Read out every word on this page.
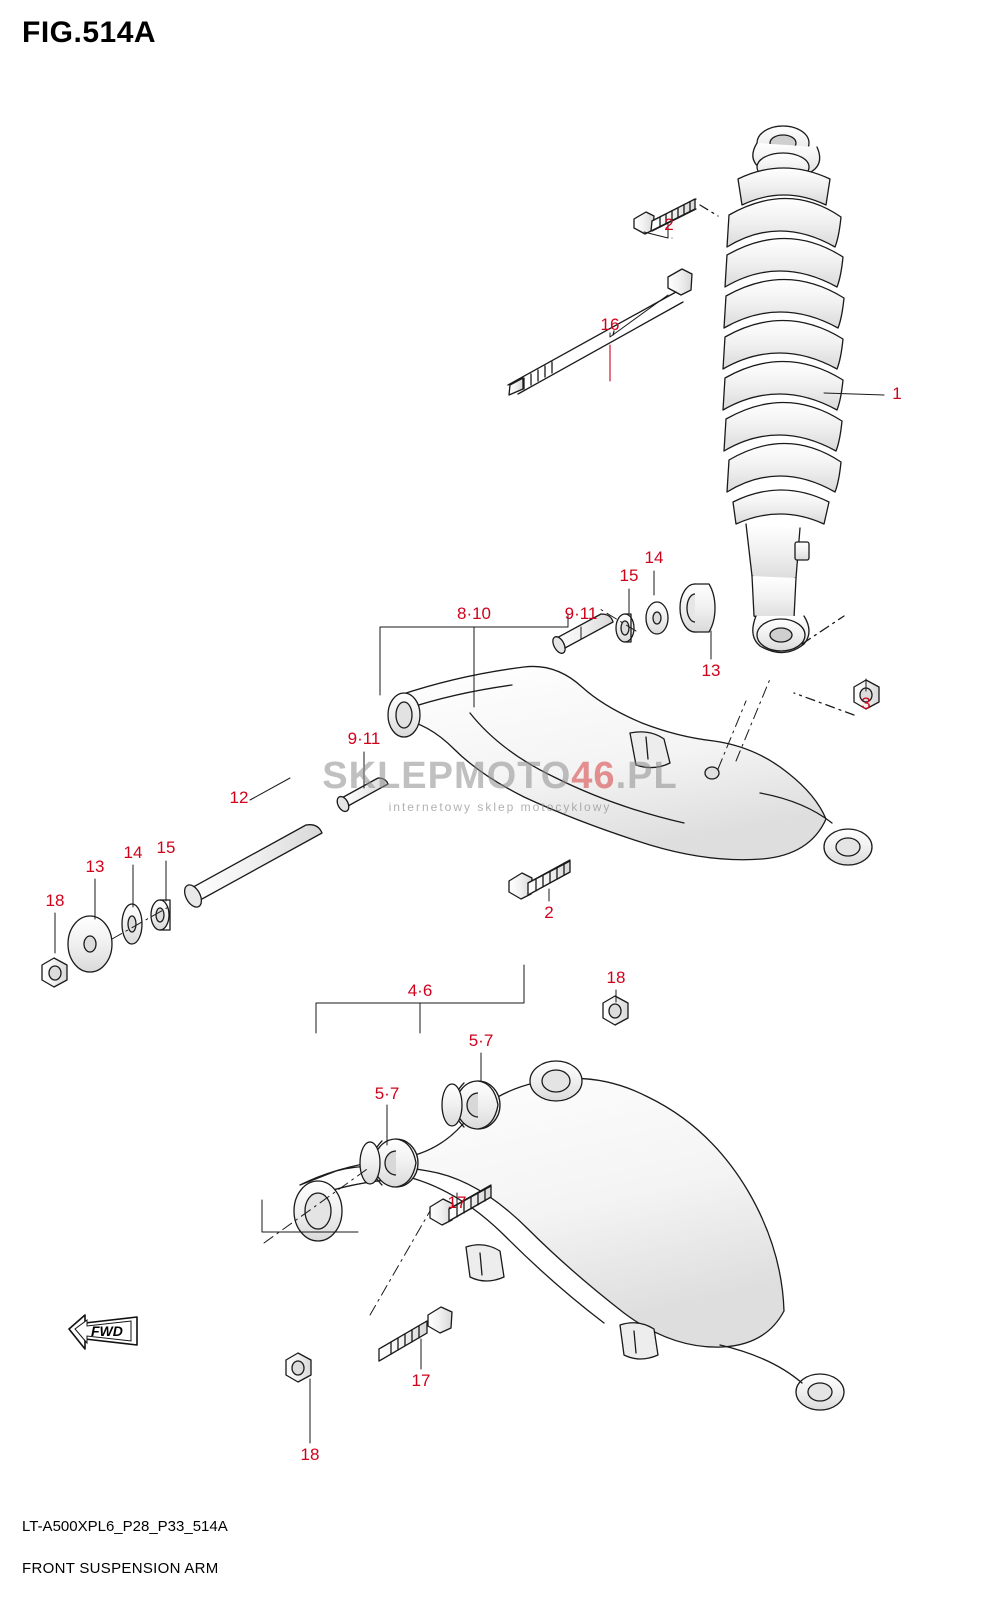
FIG.514A
2
1
16
14
15
13
8·10	9·11
9·11
3
12
13
14 15
18
2
4·6
5·7
5·7
18
17
17
18
SKLEPMOTO46.PL
internetowy sklep motocyklowy
FWD
LT-A500XPL6_P28_P33_514A
FRONT SUSPENSION ARM
